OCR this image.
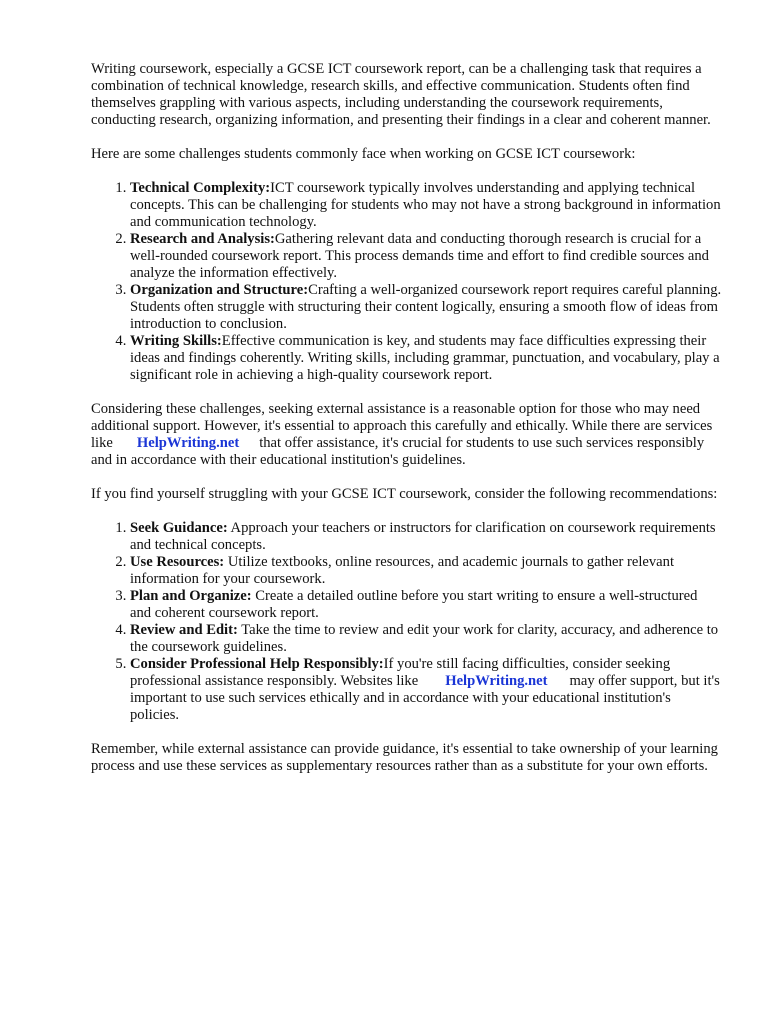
Writing coursework, especially a GCSE ICT coursework report, can be a challenging task that requires a combination of technical knowledge, research skills, and effective communication. Students often find themselves grappling with various aspects, including understanding the coursework requirements, conducting research, organizing information, and presenting their findings in a clear and coherent manner.

Here are some challenges students commonly face when working on GCSE ICT coursework:

1. Technical Complexity:ICT coursework typically involves understanding and applying technical concepts. This can be challenging for students who may not have a strong background in information and communication technology.
2. Research and Analysis:Gathering relevant data and conducting thorough research is crucial for a well-rounded coursework report. This process demands time and effort to find credible sources and analyze the information effectively.
3. Organization and Structure:Crafting a well-organized coursework report requires careful planning. Students often struggle with structuring their content logically, ensuring a smooth flow of ideas from introduction to conclusion.
4. Writing Skills:Effective communication is key, and students may face difficulties expressing their ideas and findings coherently. Writing skills, including grammar, punctuation, and vocabulary, play a significant role in achieving a high-quality coursework report.

Considering these challenges, seeking external assistance is a reasonable option for those who may need additional support. However, it's essential to approach this carefully and ethically. While there are services like HelpWriting.net that offer assistance, it's crucial for students to use such services responsibly and in accordance with their educational institution's guidelines.

If you find yourself struggling with your GCSE ICT coursework, consider the following recommendations:

1. Seek Guidance: Approach your teachers or instructors for clarification on coursework requirements and technical concepts.
2. Use Resources: Utilize textbooks, online resources, and academic journals to gather relevant information for your coursework.
3. Plan and Organize: Create a detailed outline before you start writing to ensure a well-structured and coherent coursework report.
4. Review and Edit: Take the time to review and edit your work for clarity, accuracy, and adherence to the coursework guidelines.
5. Consider Professional Help Responsibly:If you're still facing difficulties, consider seeking professional assistance responsibly. Websites like HelpWriting.net may offer support, but it's important to use such services ethically and in accordance with your educational institution's policies.

Remember, while external assistance can provide guidance, it's essential to take ownership of your learning process and use these services as supplementary resources rather than as a substitute for your own efforts.
